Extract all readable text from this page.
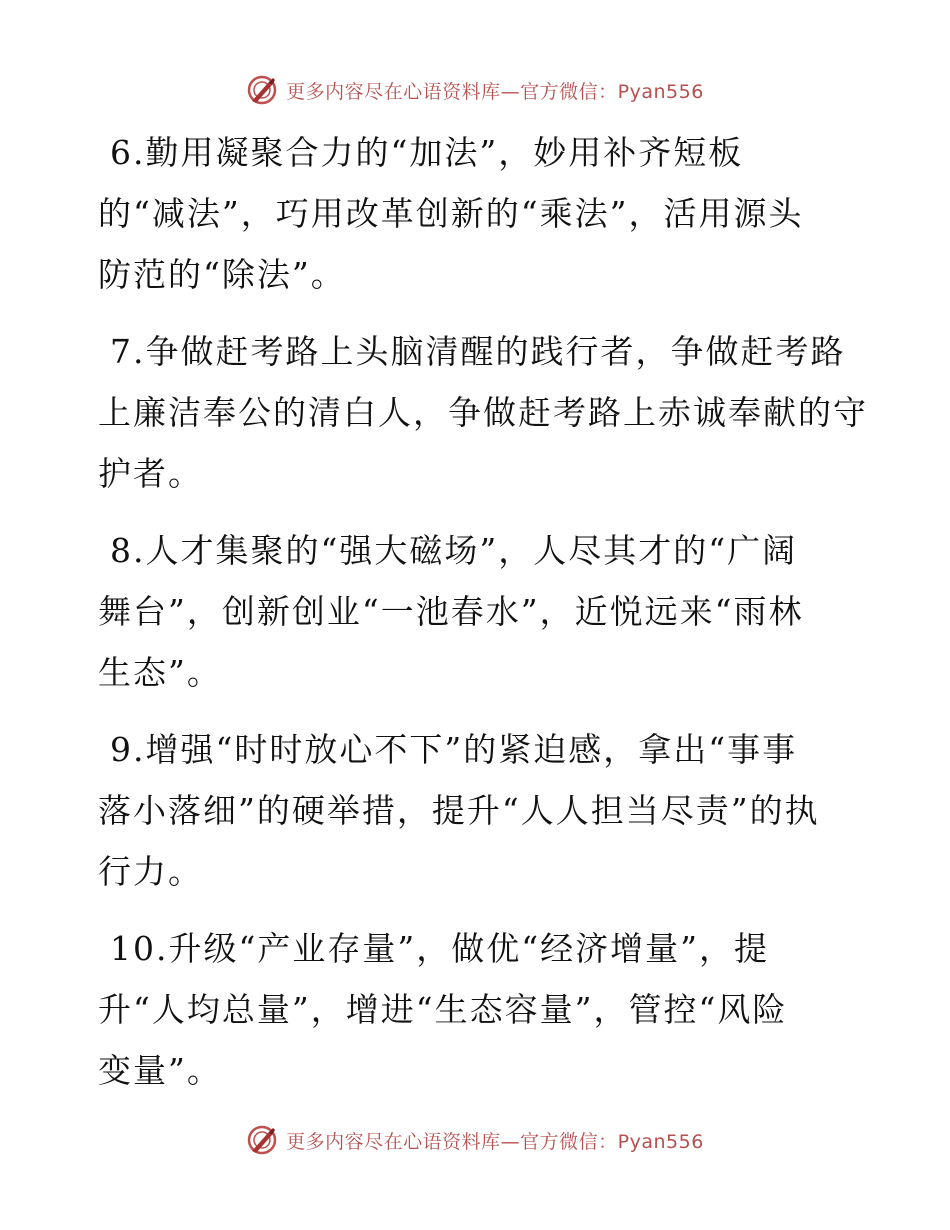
更多内容尽在心语资料库—官方微信：Pyan556

6.勤用凝聚合力的“加法”，妙用补齐短板
的“减法”，巧用改革创新的“乘法”，活用源头
防范的“除法”。

7.争做赶考路上头脑清醒的践行者，争做赶考路
上廉洁奉公的清白人，争做赶考路上赤诚奉献的守
护者。

8.人才集聚的“强大磁场”，人尽其才的“广阔
舞台”，创新创业“一池春水”，近悦远来“雨林
生态”。

9.增强“时时放心不下”的紧迫感，拿出“事事
落小落细”的硬举措，提升“人人担当尽责”的执
行力。

10.升级“产业存量”，做优“经济增量”，提
升“人均总量”，增进“生态容量”，管控“风险
变量”。

更多内容尽在心语资料库—官方微信：Pyan556
